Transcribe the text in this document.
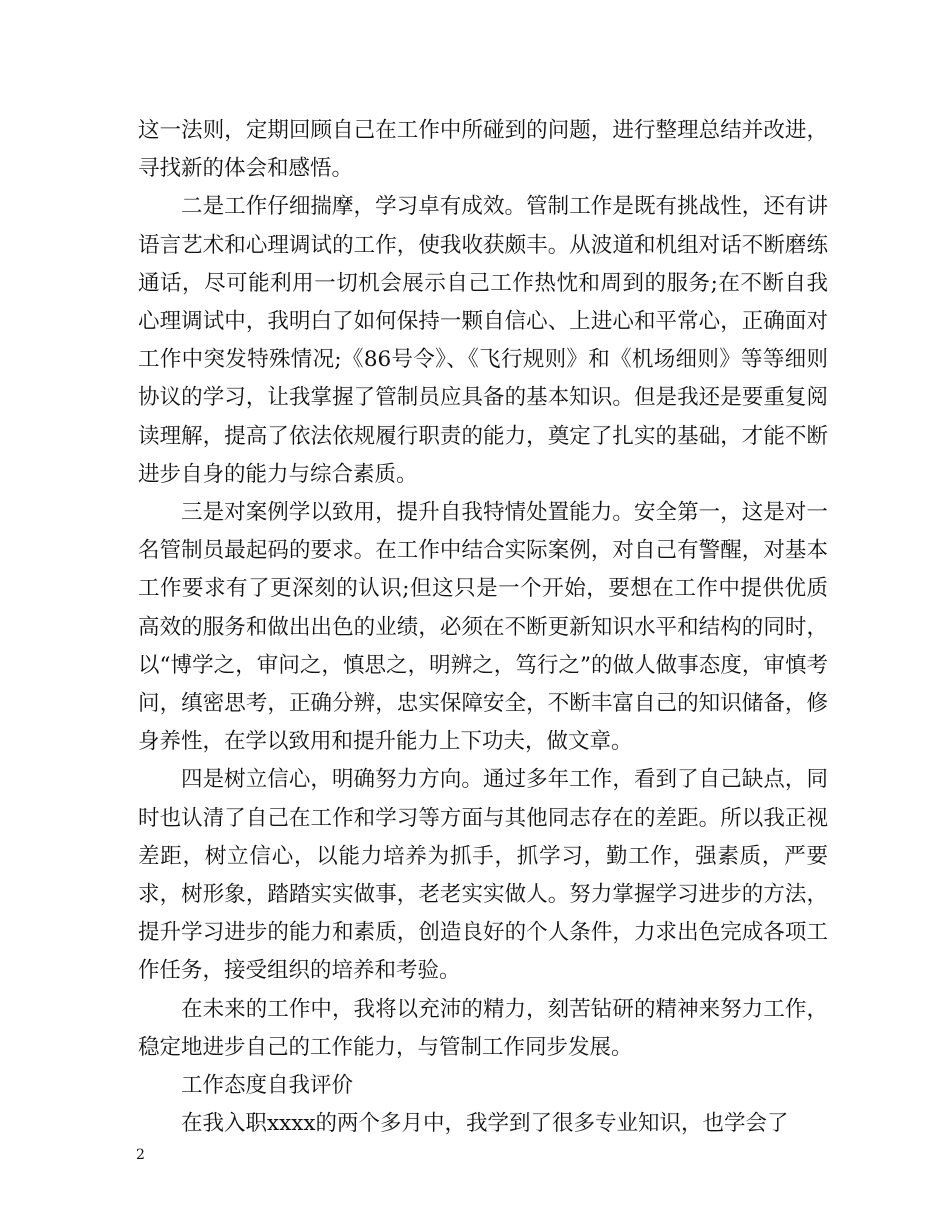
这一法则，定期回顾自己在工作中所碰到的问题，进行整理总结并改进，寻找新的体会和感悟。

二是工作仔细揣摩，学习卓有成效。管制工作是既有挑战性，还有讲语言艺术和心理调试的工作，使我收获颇丰。从波道和机组对话不断磨练通话，尽可能利用一切机会展示自己工作热忱和周到的服务;在不断自我心理调试中，我明白了如何保持一颗自信心、上进心和平常心，正确面对工作中突发特殊情况;《86号令》、《飞行规则》和《机场细则》等等细则协议的学习，让我掌握了管制员应具备的基本知识。但是我还是要重复阅读理解，提高了依法依规履行职责的能力，奠定了扎实的基础，才能不断进步自身的能力与综合素质。

三是对案例学以致用，提升自我特情处置能力。安全第一，这是对一名管制员最起码的要求。在工作中结合实际案例，对自己有警醒，对基本工作要求有了更深刻的认识;但这只是一个开始，要想在工作中提供优质高效的服务和做出出色的业绩，必须在不断更新知识水平和结构的同时，以“博学之，审问之，慎思之，明辨之，笃行之”的做人做事态度，审慎考问，缜密思考，正确分辨，忠实保障安全，不断丰富自己的知识储备，修身养性，在学以致用和提升能力上下功夫，做文章。

四是树立信心，明确努力方向。通过多年工作，看到了自己缺点，同时也认清了自己在工作和学习等方面与其他同志存在的差距。所以我正视差距，树立信心，以能力培养为抓手，抓学习，勤工作，强素质，严要求，树形象，踏踏实实做事，老老实实做人。努力掌握学习进步的方法，提升学习进步的能力和素质，创造良好的个人条件，力求出色完成各项工作任务，接受组织的培养和考验。

在未来的工作中，我将以充沛的精力，刻苦钻研的精神来努力工作，稳定地进步自己的工作能力，与管制工作同步发展。

工作态度自我评价

在我入职xxxx的两个多月中，我学到了很多专业知识，也学会了

2
